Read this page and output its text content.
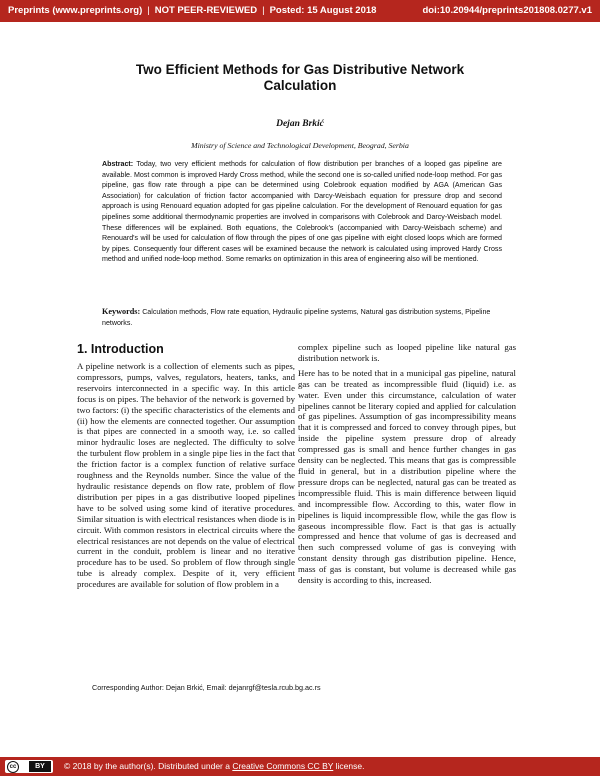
Preprints (www.preprints.org) | NOT PEER-REVIEWED | Posted: 15 August 2018	doi:10.20944/preprints201808.0277.v1
Two Efficient Methods for Gas Distributive Network
Calculation
Dejan Brkić
Ministry of Science and Technological Development, Beograd, Serbia
Abstract: Today, two very efficient methods for calculation of flow distribution per branches of a looped gas pipeline are available. Most common is improved Hardy Cross method, while the second one is so-called unified node-loop method. For gas pipeline, gas flow rate through a pipe can be determined using Colebrook equation modified by AGA (American Gas Association) for calculation of friction factor accompanied with Darcy-Weisbach equation for pressure drop and second approach is using Renouard equation adopted for gas pipeline calculation. For the development of Renouard equation for gas pipelines some additional thermodynamic properties are involved in comparisons with Colebrook and Darcy-Weisbach model. These differences will be explained. Both equations, the Colebrook's (accompanied with Darcy-Weisbach scheme) and Renouard's will be used for calculation of flow through the pipes of one gas pipeline with eight closed loops which are formed by pipes. Consequently four different cases will be examined because the network is calculated using improved Hardy Cross method and unified node-loop method. Some remarks on optimization in this area of engineering also will be mentioned.
Keywords: Calculation methods, Flow rate equation, Hydraulic pipeline systems, Natural gas distribution systems, Pipeline networks.
1. Introduction
A pipeline network is a collection of elements such as pipes, compressors, pumps, valves, regulators, heaters, tanks, and reservoirs interconnected in a specific way. In this article focus is on pipes. The behavior of the network is governed by two factors: (i) the specific characteristics of the elements and (ii) how the elements are connected together. Our assumption is that pipes are connected in a smooth way, i.e. so called minor hydraulic loses are neglected. The difficulty to solve the turbulent flow problem in a single pipe lies in the fact that the friction factor is a complex function of relative surface roughness and the Reynolds number. Since the value of the hydraulic resistance depends on flow rate, problem of flow distribution per pipes in a gas distributive looped pipelines have to be solved using some kind of iterative procedures. Similar situation is with electrical resistances when diode is in circuit. With common resistors in electrical circuits where the electrical resistances are not depends on the value of electrical current in the conduit, problem is linear and no iterative procedure has to be used. So problem of flow through single tube is already complex. Despite of it, very efficient procedures are available for solution of flow problem in a

complex pipeline such as looped pipeline like natural gas distribution network is.

Here has to be noted that in a municipal gas pipeline, natural gas can be treated as incompressible fluid (liquid) i.e. as water. Even under this circumstance, calculation of water pipelines cannot be literary copied and applied for calculation of gas pipelines. Assumption of gas incompressibility means that it is compressed and forced to convey through pipes, but inside the pipeline system pressure drop of already compressed gas is small and hence further changes in gas density can be neglected. This means that gas is compressible fluid in general, but in a distribution pipeline where the pressure drops can be neglected, natural gas can be treated as incompressible fluid. This is main difference between liquid and incompressible flow. According to this, water flow in pipelines is liquid incompressible flow, while the gas flow is gaseous incompressible flow. Fact is that gas is actually compressed and hence that volume of gas is decreased and then such compressed volume of gas is conveying with constant density through gas distribution pipeline. Hence, mass of gas is constant, but volume is decreased while gas density is according to this, increased.

Corresponding Author: Dejan Brkić, Email: dejanrgf@tesla.rcub.bg.ac.rs
cc	BY	© 2018 by the author(s). Distributed under a Creative Commons CC BY license.
